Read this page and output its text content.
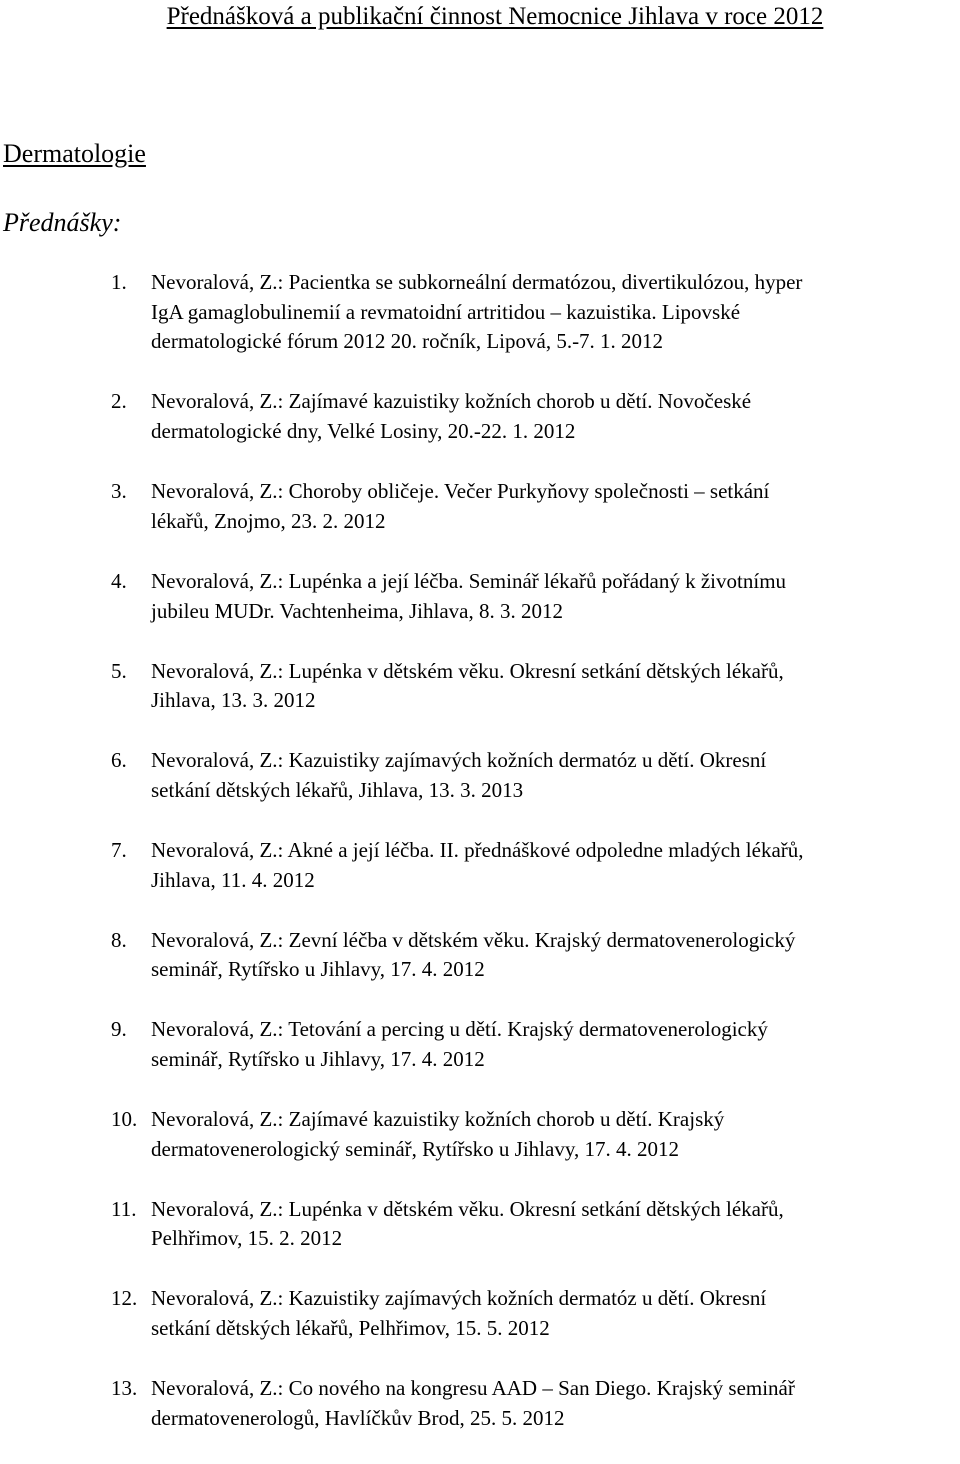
Přednášková a publikační činnost Nemocnice Jihlava v roce 2012
Dermatologie
Přednášky:
1. Nevoralová, Z.: Pacientka se subkorneální dermatózou, divertikulózou, hyper
IgA gamaglobulinemií a revmatoidní artritidou – kazuistika. Lipovské
dermatologické fórum 2012 20. ročník, Lipová, 5.-7. 1. 2012
2. Nevoralová, Z.: Zajímavé kazuistiky kožních chorob u dětí. Novočeské
dermatologické dny, Velké Losiny, 20.-22. 1. 2012
3. Nevoralová, Z.: Choroby obličeje. Večer Purkyňovy společnosti – setkání
lékařů, Znojmo, 23. 2. 2012
4. Nevoralová, Z.: Lupénka a její léčba. Seminář lékařů pořádaný k životnímu
jubileu MUDr. Vachtenheima, Jihlava, 8. 3. 2012
5. Nevoralová, Z.: Lupénka v dětském věku. Okresní setkání dětských lékařů,
Jihlava, 13. 3. 2012
6. Nevoralová, Z.: Kazuistiky zajímavých kožních dermatóz u dětí. Okresní
setkání dětských lékařů, Jihlava, 13. 3. 2013
7. Nevoralová, Z.: Akné a její léčba. II. přednáškové odpoledne mladých lékařů,
Jihlava, 11. 4. 2012
8. Nevoralová, Z.: Zevní léčba v dětském věku. Krajský dermatovenerologický
seminář, Rytířsko u Jihlavy, 17. 4. 2012
9. Nevoralová, Z.: Tetování a percing u dětí. Krajský dermatovenerologický
seminář, Rytířsko u Jihlavy, 17. 4. 2012
10. Nevoralová, Z.: Zajímavé kazuistiky kožních chorob u dětí. Krajský
dermatovenerologický seminář, Rytířsko u Jihlavy, 17. 4. 2012
11. Nevoralová, Z.: Lupénka v dětském věku. Okresní setkání dětských lékařů,
Pelhřimov, 15. 2. 2012
12. Nevoralová, Z.: Kazuistiky zajímavých kožních dermatóz u dětí. Okresní
setkání dětských lékařů, Pelhřimov, 15. 5. 2012
13. Nevoralová, Z.: Co nového na kongresu AAD – San Diego. Krajský seminář
dermatovenerologů, Havlíčkův Brod, 25. 5. 2012
